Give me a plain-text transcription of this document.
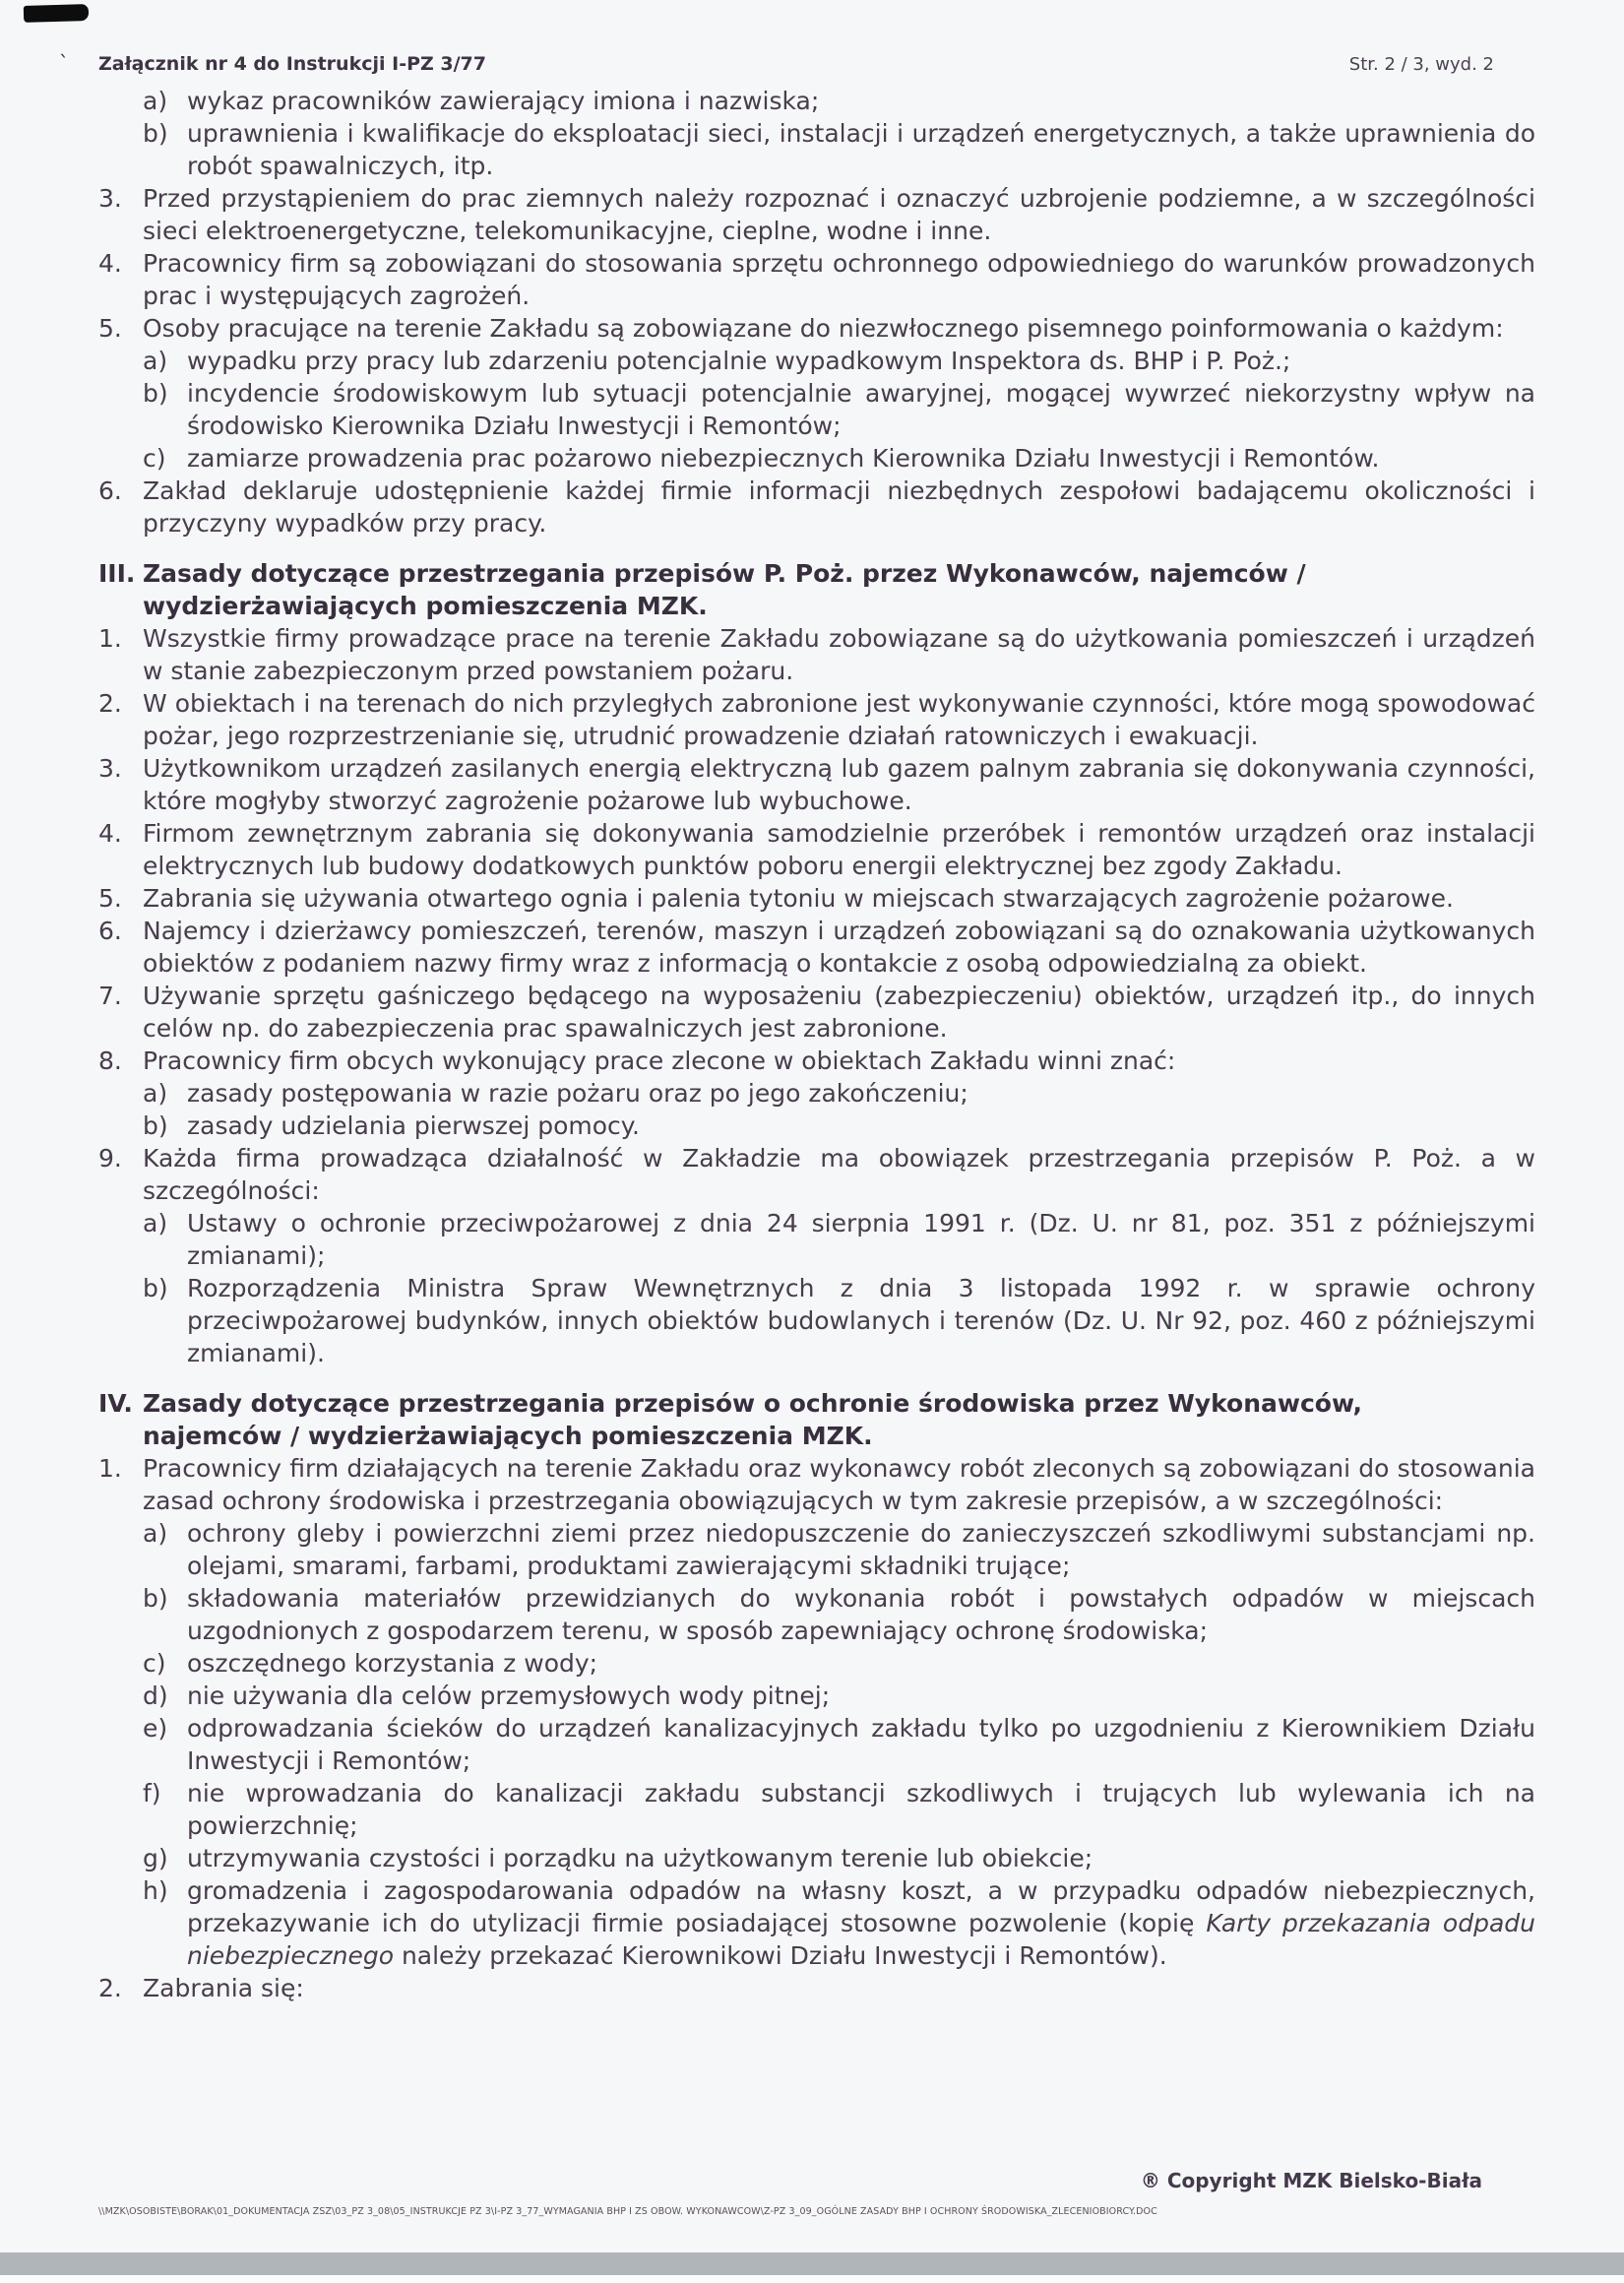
` Załącznik nr 4 do Instrukcji I-PZ 3/77	Str. 2 / 3, wyd. 2
a) wykaz pracowników zawierający imiona i nazwiska;
b) uprawnienia i kwalifikacje do eksploatacji sieci, instalacji i urządzeń energetycznych, a także uprawnienia do robót spawalniczych, itp.
3. Przed przystąpieniem do prac ziemnych należy rozpoznać i oznaczyć uzbrojenie podziemne, a w szczególności sieci elektroenergetyczne, telekomunikacyjne, cieplne, wodne i inne.
4. Pracownicy firm są zobowiązani do stosowania sprzętu ochronnego odpowiedniego do warunków prowadzonych prac i występujących zagrożeń.
5. Osoby pracujące na terenie Zakładu są zobowiązane do niezwłocznego pisemnego poinformowania o każdym:
a) wypadku przy pracy lub zdarzeniu potencjalnie wypadkowym Inspektora ds. BHP i P. Poż.;
b) incydencie środowiskowym lub sytuacji potencjalnie awaryjnej, mogącej wywrzeć niekorzystny wpływ na środowisko Kierownika Działu Inwestycji i Remontów;
c) zamiarze prowadzenia prac pożarowo niebezpiecznych Kierownika Działu Inwestycji i Remontów.
6. Zakład deklaruje udostępnienie każdej firmie informacji niezbędnych zespołowi badającemu okoliczności i przyczyny wypadków przy pracy.
III. Zasady dotyczące przestrzegania przepisów P. Poż. przez Wykonawców, najemców /
wydzierżawiających pomieszczenia MZK.
1. Wszystkie firmy prowadzące prace na terenie Zakładu zobowiązane są do użytkowania pomieszczeń i urządzeń w stanie zabezpieczonym przed powstaniem pożaru.
2. W obiektach i na terenach do nich przyległych zabronione jest wykonywanie czynności, które mogą spowodować pożar, jego rozprzestrzenianie się, utrudnić prowadzenie działań ratowniczych i ewakuacji.
3. Użytkownikom urządzeń zasilanych energią elektryczną lub gazem palnym zabrania się dokonywania czynności, które mogłyby stworzyć zagrożenie pożarowe lub wybuchowe.
4. Firmom zewnętrznym zabrania się dokonywania samodzielnie przeróbek i remontów urządzeń oraz instalacji elektrycznych lub budowy dodatkowych punktów poboru energii elektrycznej bez zgody Zakładu.
5. Zabrania się używania otwartego ognia i palenia tytoniu w miejscach stwarzających zagrożenie pożarowe.
6. Najemcy i dzierżawcy pomieszczeń, terenów, maszyn i urządzeń zobowiązani są do oznakowania użytkowanych obiektów z podaniem nazwy firmy wraz z informacją o kontakcie z osobą odpowiedzialną za obiekt.
7. Używanie sprzętu gaśniczego będącego na wyposażeniu (zabezpieczeniu) obiektów, urządzeń itp., do innych celów np. do zabezpieczenia prac spawalniczych jest zabronione.
8. Pracownicy firm obcych wykonujący prace zlecone w obiektach Zakładu winni znać:
a) zasady postępowania w razie pożaru oraz po jego zakończeniu;
b) zasady udzielania pierwszej pomocy.
9. Każda firma prowadząca działalność w Zakładzie ma obowiązek przestrzegania przepisów P. Poż. a w szczególności:
a) Ustawy o ochronie przeciwpożarowej z dnia 24 sierpnia 1991 r. (Dz. U. nr 81, poz. 351 z późniejszymi zmianami);
b) Rozporządzenia Ministra Spraw Wewnętrznych z dnia 3 listopada 1992 r. w sprawie ochrony przeciwpożarowej budynków, innych obiektów budowlanych i terenów (Dz. U. Nr 92, poz. 460 z późniejszymi zmianami).
IV. Zasady dotyczące przestrzegania przepisów o ochronie środowiska przez Wykonawców,
najemców / wydzierżawiających pomieszczenia MZK.
1. Pracownicy firm działających na terenie Zakładu oraz wykonawcy robót zleconych są zobowiązani do stosowania zasad ochrony środowiska i przestrzegania obowiązujących w tym zakresie przepisów, a w szczególności:
a) ochrony gleby i powierzchni ziemi przez niedopuszczenie do zanieczyszczeń szkodliwymi substancjami np. olejami, smarami, farbami, produktami zawierającymi składniki trujące;
b) składowania materiałów przewidzianych do wykonania robót i powstałych odpadów w miejscach uzgodnionych z gospodarzem terenu, w sposób zapewniający ochronę środowiska;
c) oszczędnego korzystania z wody;
d) nie używania dla celów przemysłowych wody pitnej;
e) odprowadzania ścieków do urządzeń kanalizacyjnych zakładu tylko po uzgodnieniu z Kierownikiem Działu Inwestycji i Remontów;
f)	nie wprowadzania do kanalizacji zakładu substancji szkodliwych i trujących lub wylewania ich na powierzchnię;
g) utrzymywania czystości i porządku na użytkowanym terenie lub obiekcie;
h) gromadzenia i zagospodarowania odpadów na własny koszt, a w przypadku odpadów niebezpiecznych, przekazywanie ich do utylizacji firmie posiadającej stosowne pozwolenie (kopię Karty przekazania odpadu niebezpiecznego należy przekazać Kierownikowi Działu Inwestycji i Remontów).
2. Zabrania się:
® Copyright MZK Bielsko-Biała
\\MZK\OSOBISTE\BORAK\01_DOKUMENTACJA ZSZ\03_PZ 3_08\05_INSTRUKCJE PZ 3\I-PZ 3_77_WYMAGANIA BHP I ZS OBOW. WYKONAWCOW\Z-PZ 3_09_OGÓLNE ZASADY BHP I OCHRONY ŚRODOWISKA_ZLECENIOBIORCY.DOC
